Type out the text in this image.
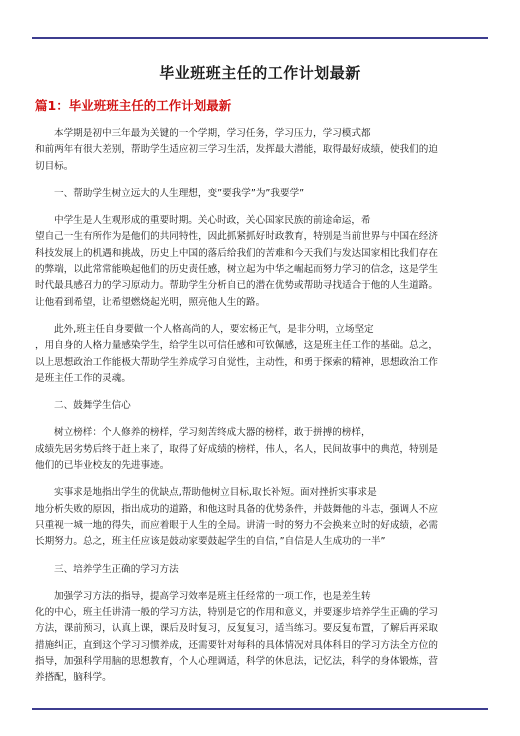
毕业班班主任的工作计划最新
篇1：毕业班班主任的工作计划最新
本学期是初中三年最为关键的一个学期，学习任务，学习压力，学习模式都
和前两年有很大差别，帮助学生适应初三学习生活，发挥最大潜能，取得最好成绩，使我们的迫
切目标。
一、帮助学生树立远大的人生理想，变”要我学”为”我要学”
中学生是人生观形成的重要时期。关心时政，关心国家民族的前途命运，希
望自己一生有所作为是他们的共同特性，因此抓紧抓好时政教育，特别是当前世界与中国在经济
科技发展上的机遇和挑战，历史上中国的落后给我们的苦难和今天我们与发达国家相比我们存在
的弊端，以此常常能唤起他们的历史责任感，树立起为中华之崛起而努力学习的信念，这是学生
时代最具感召力的学习原动力。帮助学生分析自已的潜在优势或帮助寻找适合于他的人生道路。
让他看到希望，让希望燃烧起光明，照亮他人生的路。
此外,班主任自身要做一个人格高尚的人，要宏杨正气，是非分明，立场坚定
，用自身的人格力量感染学生，给学生以可信任感和可钦佩感，这是班主任工作的基础。总之，
以上思想政治工作能极大帮助学生养成学习自觉性，主动性，和勇于探索的精神，思想政治工作
是班主任工作的灵魂。
二、鼓舞学生信心
树立榜样：个人修养的榜样，学习刻苦终成大器的榜样，敢于拼搏的榜样，
成绩先居劣势后终于赶上来了，取得了好成绩的榜样，伟人，名人，民间故事中的典范，特别是
他们的已毕业校友的先进事迹。
实事求是地指出学生的优缺点,帮助他树立目标,取长补短。面对挫折实事求是
地分析失败的原因，指出成功的道路，和他这时具备的优势条件，并鼓舞他的斗志，强调人不应
只重视一城一地的得失，而应着眼于人生的全局。讲清一时的努力不会换来立时的好成绩，必需
长期努力。总之，班主任应该是鼓动家要鼓起学生的自信，”自信是人生成功的一半”
三、培养学生正确的学习方法
加强学习方法的指导，提高学习效率是班主任经常的一项工作，也是差生转
化的中心，班主任讲清一般的学习方法，特别是它的作用和意义，并要逐步培养学生正确的学习
方法，课前预习，认真上课，课后及时复习，反复复习，适当练习。要反复布置，了解后再采取
措施纠正，直到这个学习习惯养成，还需要针对每科的具体情况对具体科目的学习方法全方位的
指导，加强科学用脑的思想教育，个人心理调适，科学的休息法，记忆法，科学的身体锻炼，营
养搭配，脑科学。
